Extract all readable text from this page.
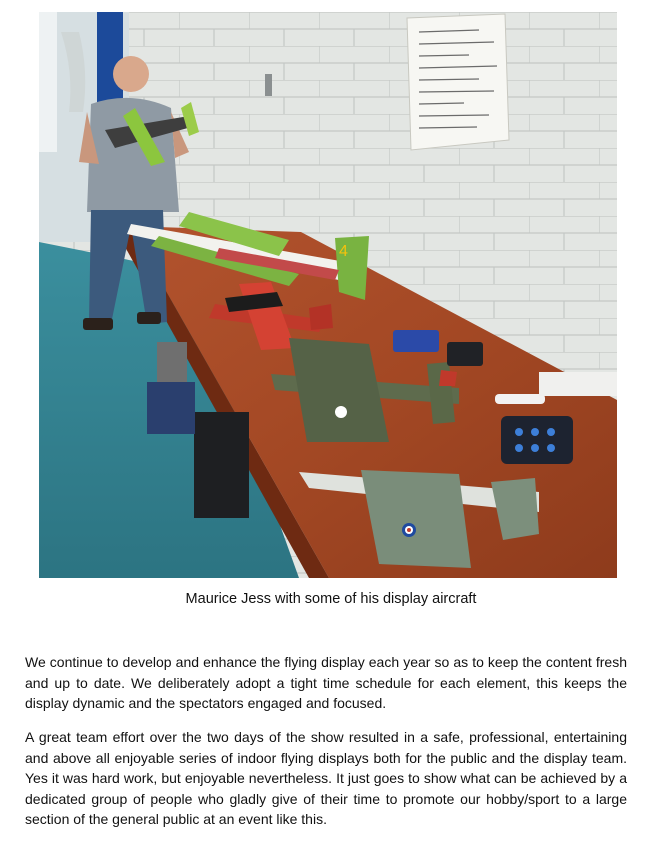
4
Maurice Jess with some of his display aircraft

We continue to develop and enhance the flying display each year so as to keep the content fresh and up to date. We deliberately adopt a tight time schedule for each element, this keeps the display dynamic and the spectators engaged and focused.

A great team effort over the two days of the show resulted in a safe, professional, entertaining and above all enjoyable series of indoor flying displays both for the public and the display team. Yes it was hard work, but enjoyable nevertheless. It just goes to show what can be achieved by a dedicated group of people who gladly give of their time to promote our hobby/sport to a large section of the general public at an event like this.
